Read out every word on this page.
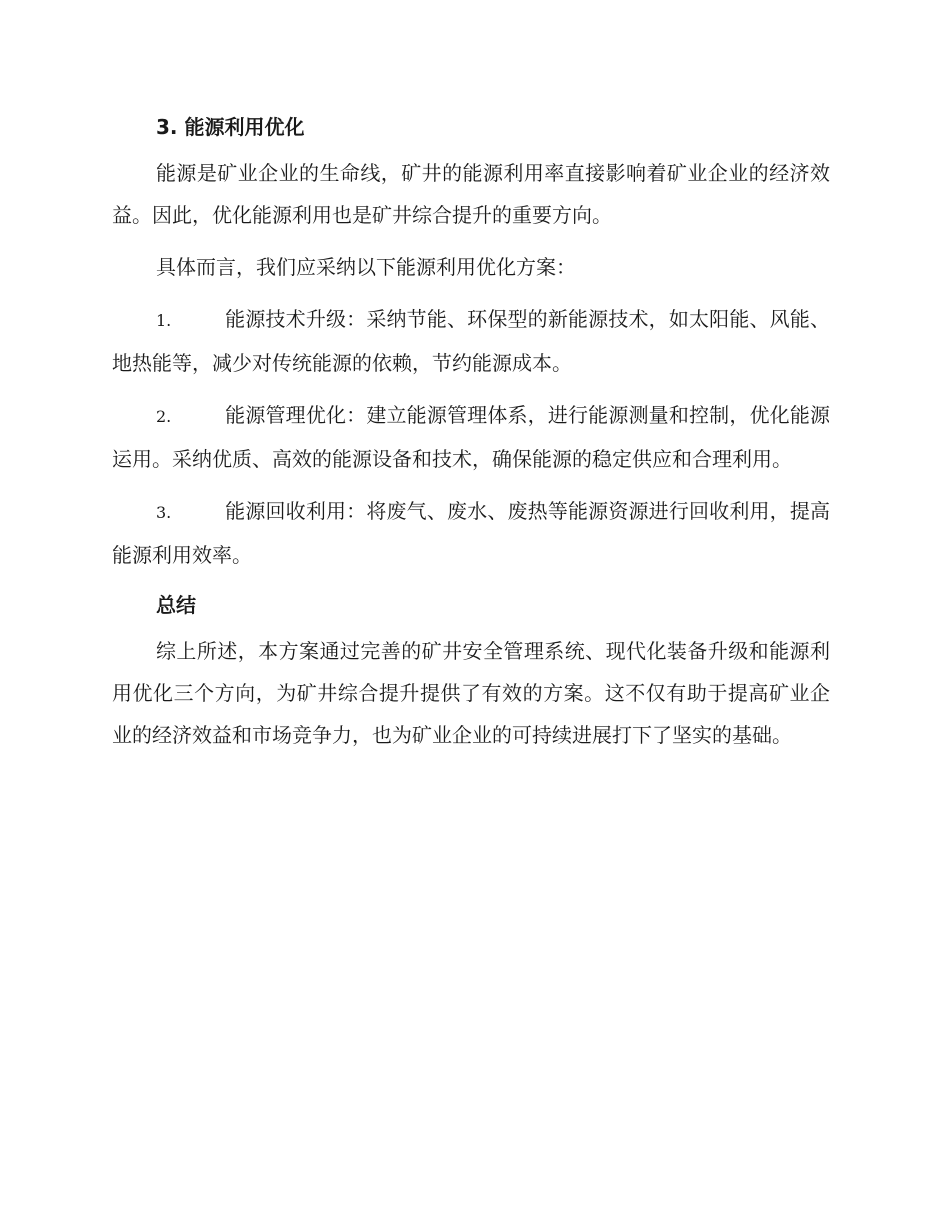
3. 能源利用优化

能源是矿业企业的生命线，矿井的能源利用率直接影响着矿业企业的经济效益。因此，优化能源利用也是矿井综合提升的重要方向。

具体而言，我们应采纳以下能源利用优化方案：

1.	能源技术升级：采纳节能、环保型的新能源技术，如太阳能、风能、地热能等，减少对传统能源的依赖，节约能源成本。
2.	能源管理优化：建立能源管理体系，进行能源测量和控制，优化能源运用。采纳优质、高效的能源设备和技术，确保能源的稳定供应和合理利用。
3.	能源回收利用：将废气、废水、废热等能源资源进行回收利用，提高能源利用效率。
总结

综上所述，本方案通过完善的矿井安全管理系统、现代化装备升级和能源利用优化三个方向，为矿井综合提升提供了有效的方案。这不仅有助于提高矿业企业的经济效益和市场竞争力，也为矿业企业的可持续进展打下了坚实的基础。
